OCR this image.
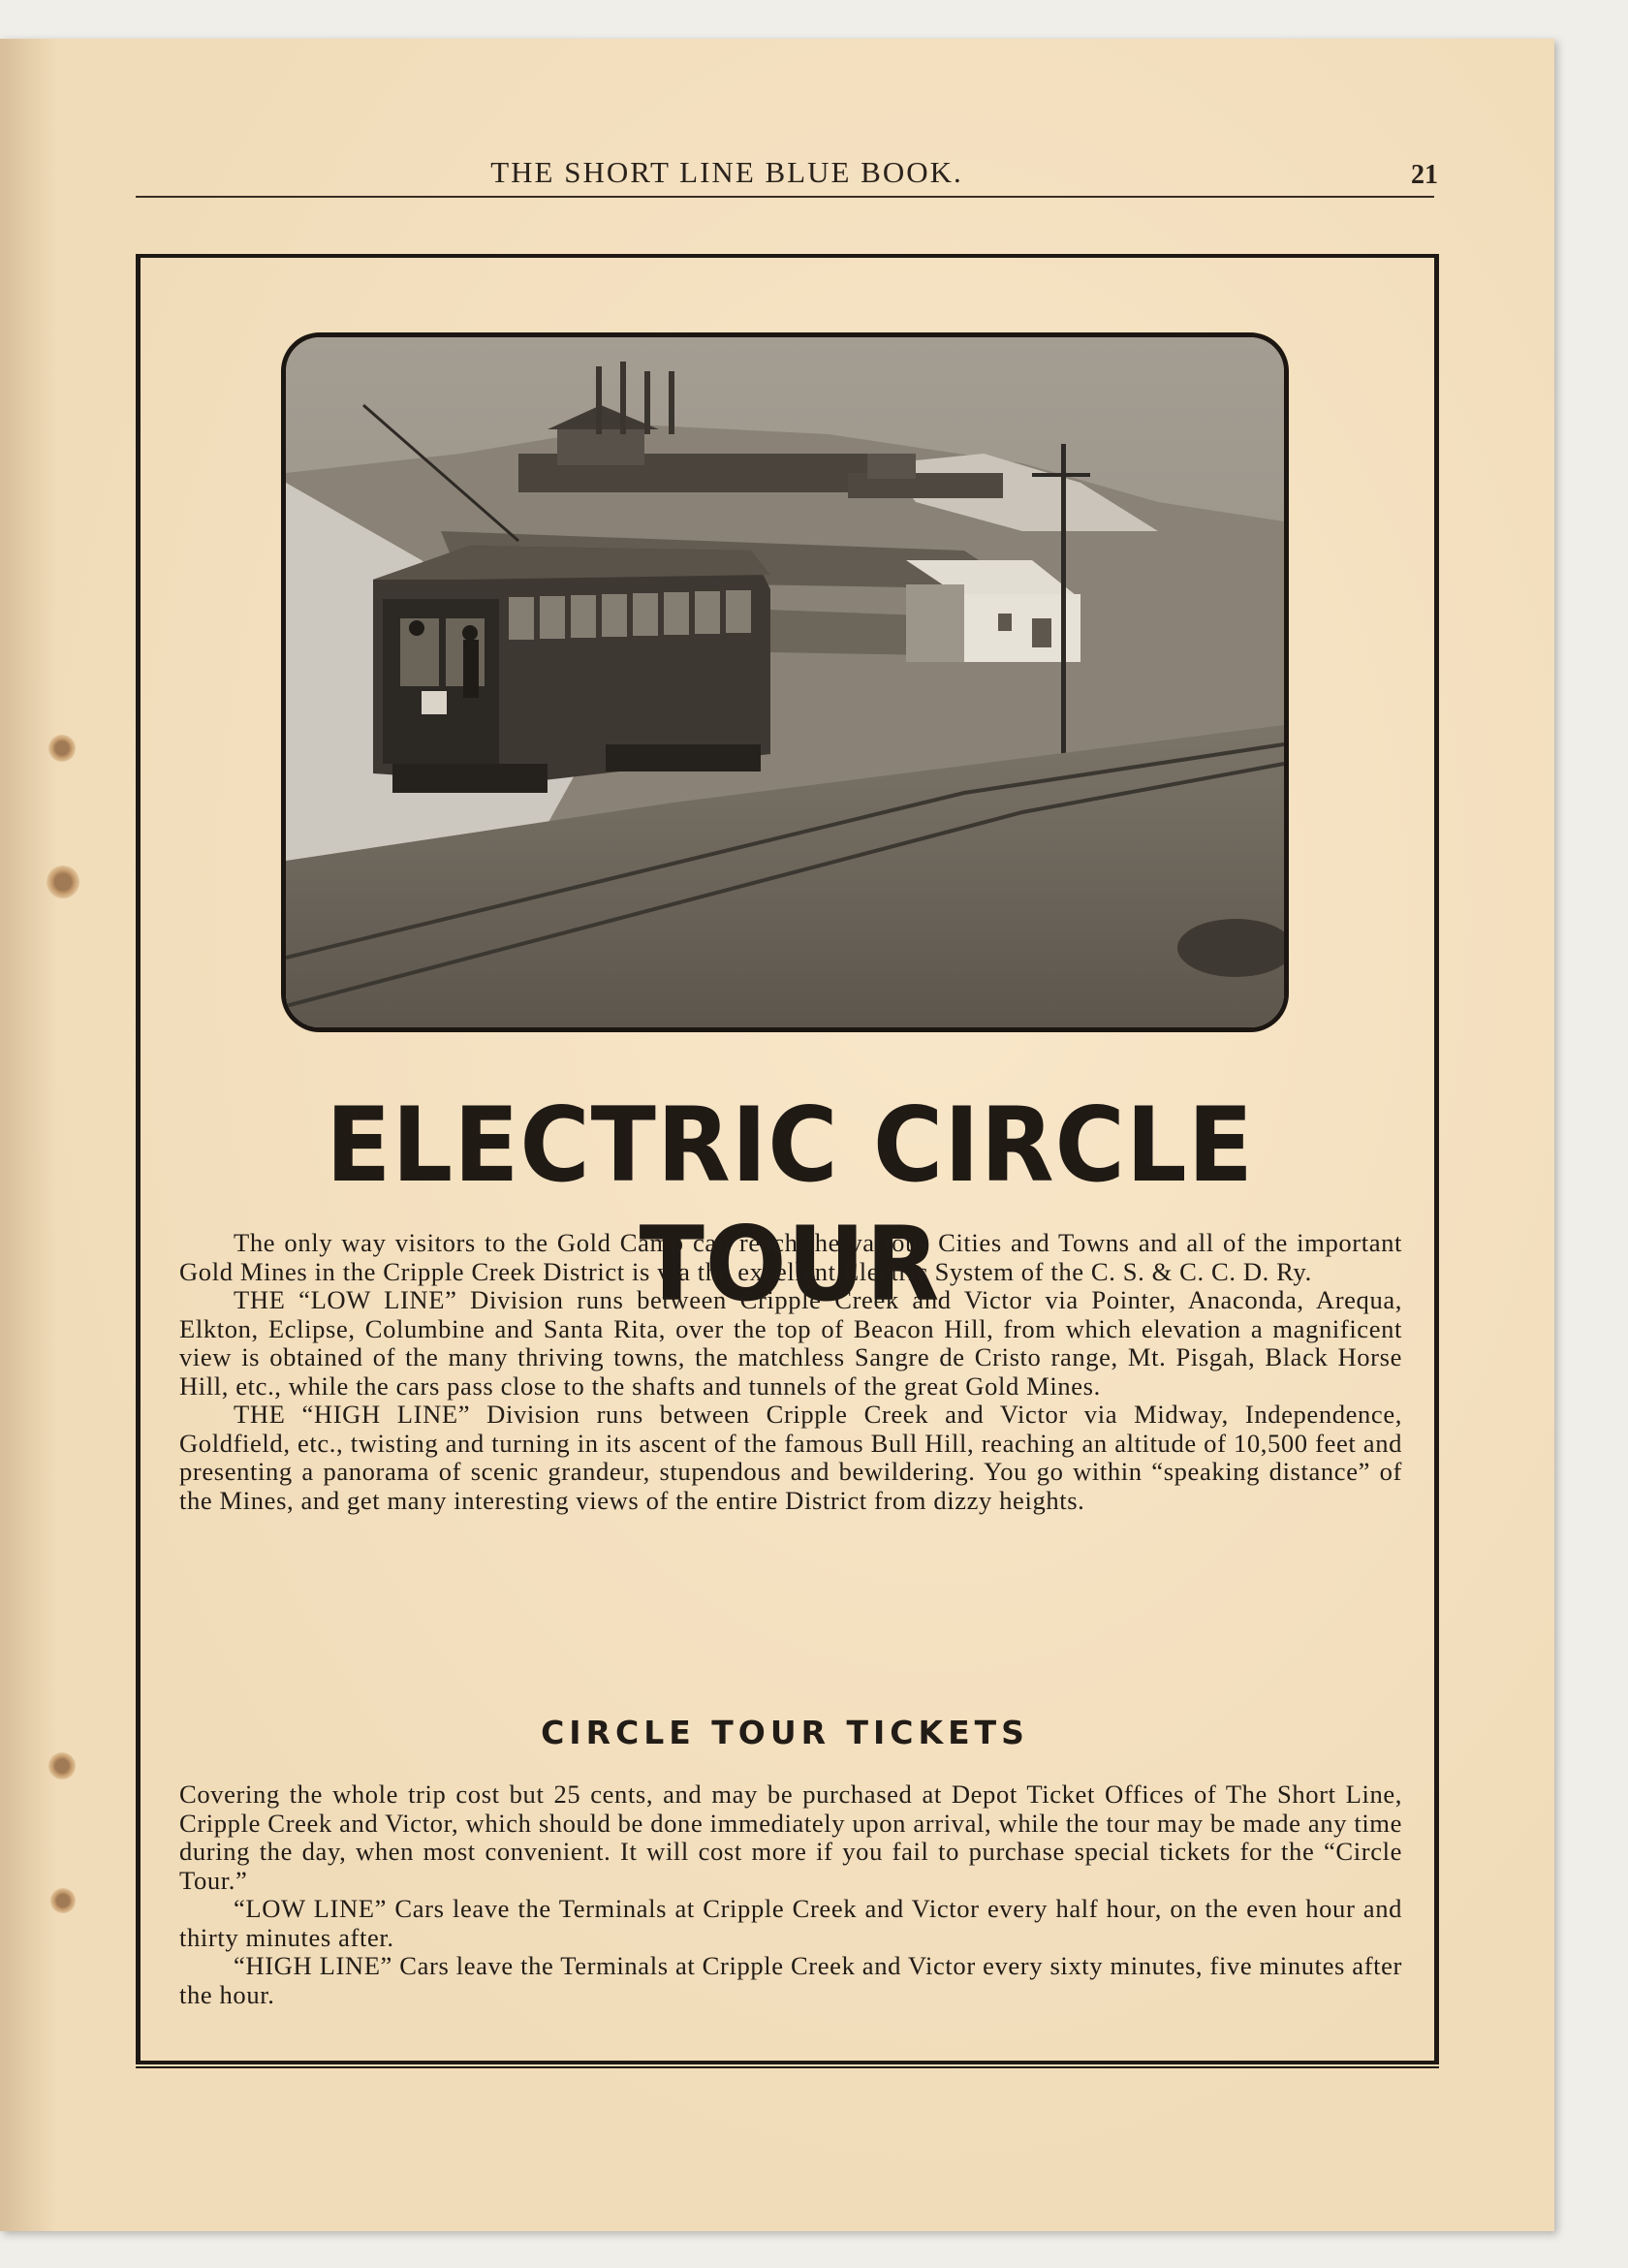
THE SHORT LINE BLUE BOOK.	21
ELECTRIC CIRCLE TOUR

The only way visitors to the Gold Camp can reach the various Cities and Towns and all of the important Gold Mines in the Cripple Creek District is via the excellent Electric System of the C. S. & C. C. D. Ry.

THE “LOW LINE” Division runs between Cripple Creek and Victor via Pointer, Anaconda, Arequa, Elkton, Eclipse, Columbine and Santa Rita, over the top of Beacon Hill, from which elevation a magnificent view is obtained of the many thriving towns, the matchless Sangre de Cristo range, Mt. Pisgah, Black Horse Hill, etc., while the cars pass close to the shafts and tunnels of the great Gold Mines.

THE “HIGH LINE” Division runs between Cripple Creek and Victor via Midway, Independence, Goldfield, etc., twisting and turning in its ascent of the famous Bull Hill, reaching an altitude of 10,500 feet and presenting a panorama of scenic grandeur, stupendous and bewildering. You go within “speaking distance” of the Mines, and get many interesting views of the entire District from dizzy heights.

CIRCLE TOUR TICKETS

Covering the whole trip cost but 25 cents, and may be purchased at Depot Ticket Offices of The Short Line, Cripple Creek and Victor, which should be done immediately upon arrival, while the tour may be made any time during the day, when most convenient. It will cost more if you fail to purchase special tickets for the “Circle Tour.”

“LOW LINE” Cars leave the Terminals at Cripple Creek and Victor every half hour, on the even hour and thirty minutes after.

“HIGH LINE” Cars leave the Terminals at Cripple Creek and Victor every sixty minutes, five minutes after the hour.
